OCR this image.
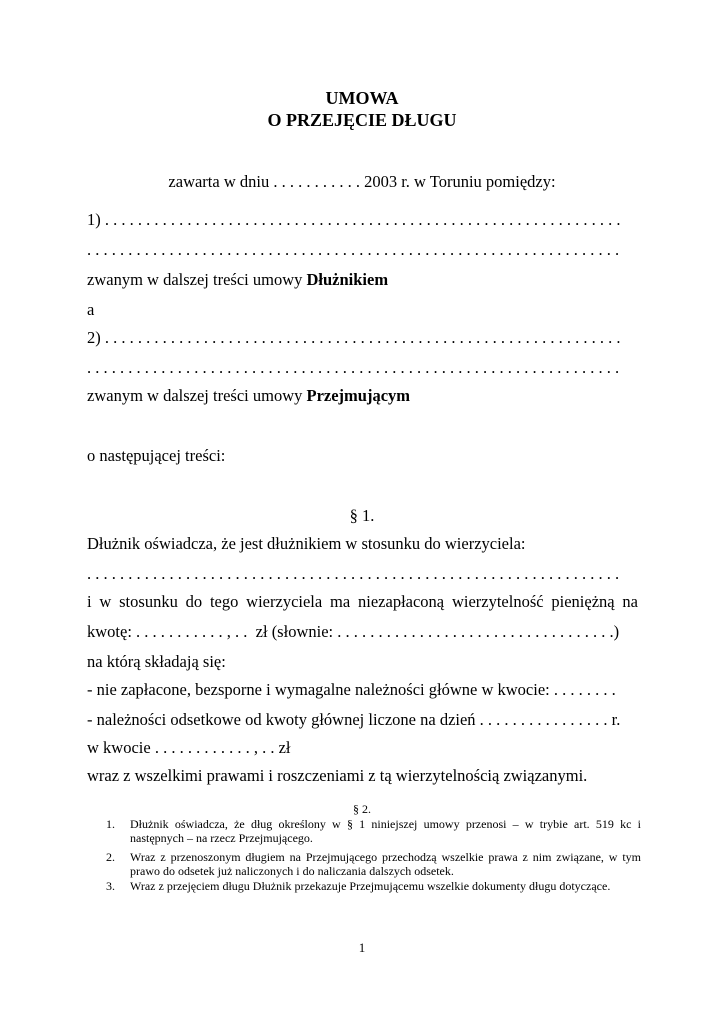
UMOWA
O PRZEJĘCIE DŁUGU
zawarta w dniu . . . . . . . . . . . 2003 r. w Toruniu pomiędzy:
1) . . . . . . . . . . . . . . . . . . . . . . . . . . . . . . . . . . . . . . . . . . . . . . . . . . . . . . . . . . . . . . .
. . . . . . . . . . . . . . . . . . . . . . . . . . . . . . . . . . . . . . . . . . . . . . . . . . . . . . . . . . . . . . . . .
zwanym w dalszej treści umowy Dłużnikiem
a
2) . . . . . . . . . . . . . . . . . . . . . . . . . . . . . . . . . . . . . . . . . . . . . . . . . . . . . . . . . . . . . . .
. . . . . . . . . . . . . . . . . . . . . . . . . . . . . . . . . . . . . . . . . . . . . . . . . . . . . . . . . . . . . . . . .
zwanym w dalszej treści umowy Przejmującym
o następującej treści:
§ 1.
Dłużnik oświadcza, że jest dłużnikiem w stosunku do wierzyciela:
. . . . . . . . . . . . . . . . . . . . . . . . . . . . . . . . . . . . . . . . . . . . . . . . . . . . . . . . . . . . . . . . .
i w stosunku do tego wierzyciela ma niezapłaconą wierzytelność pieniężną na
kwotę: . . . . . . . . . . . , . .  zł (słownie: . . . . . . . . . . . . . . . . . . . . . . . . . . . . . . . . . .)
na którą składają się:
- nie zapłacone, bezsporne i wymagalne należności główne w kwocie: . . . . . . . .
- należności odsetkowe od kwoty głównej liczone na dzień . . . . . . . . . . . . . . . . r.
w kwocie . . . . . . . . . . . . , . . zł
wraz z wszelkimi prawami i roszczeniami z tą wierzytelnością związanymi.
§ 2.
1. Dłużnik oświadcza, że dług określony w § 1 niniejszej umowy przenosi – w trybie art. 519 kc i następnych – na rzecz Przejmującego.
2. Wraz z przenoszonym długiem na Przejmującego przechodzą wszelkie prawa z nim związane, w tym prawo do odsetek już naliczonych i do naliczania dalszych odsetek.
3. Wraz z przejęciem długu Dłużnik przekazuje Przejmującemu wszelkie dokumenty długu dotyczące.
1
